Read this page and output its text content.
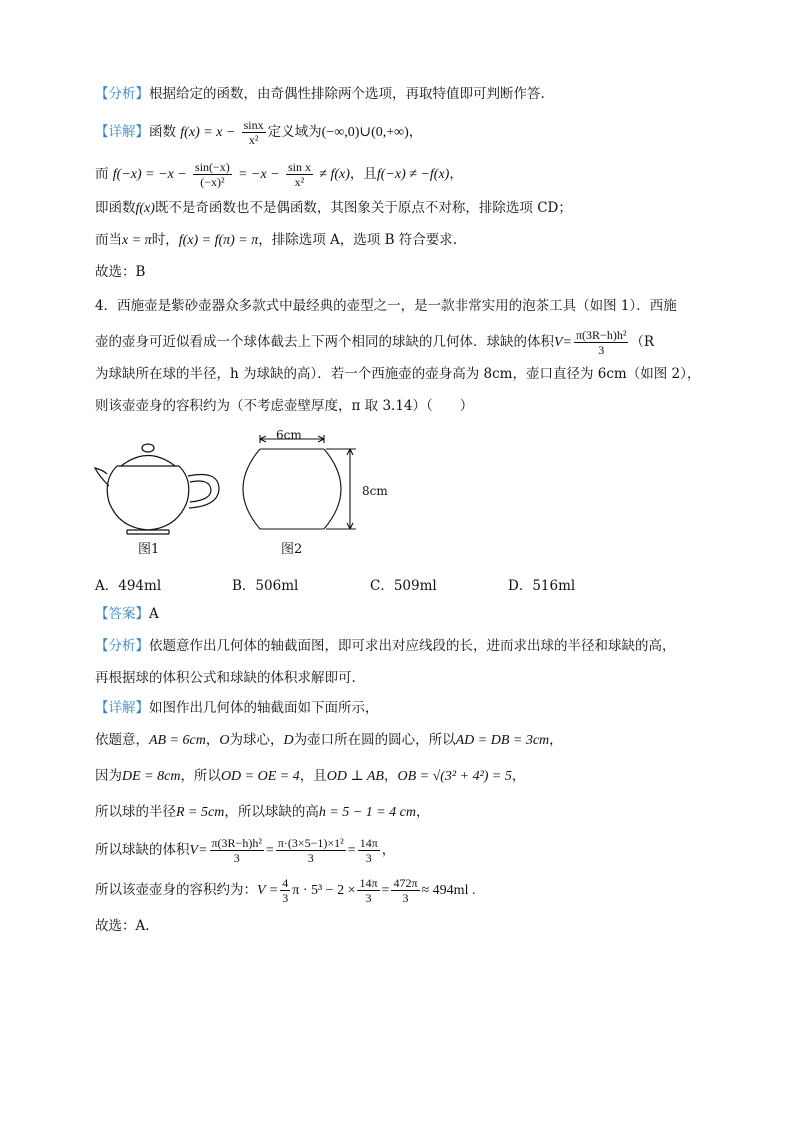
【分析】根据给定的函数，由奇偶性排除两个选项，再取特值即可判断作答.
【详解】函数 $f(x) = x - \frac{\sin x}{\text{x²}}$ 定义域为(−∞,0)∪(0,+∞)，
而 $f(-x) = -x - \frac{\sin(-x)}{\text{(−x)²}} = -x - \frac{\text{sin x}}{\text{x²}} \ne f(x)$，且f(−x) ≠ −f(x)，
即函数f(x)既不是奇函数也不是偶函数，其图象关于原点不对称，排除选项 CD；
而当x = π时，f(x) = f(π) = π，排除选项 A，选项 B 符合要求.
故选：B
4．西施壶是紫砂壶器众多款式中最经典的壶型之一，是一款非常实用的泡茶工具（如图 1）．西施
壶的壶身可近似看成一个球体截去上下两个相同的球缺的几何体．球缺的体积$V= \frac{\text{π(3R−h)h²}}{3} (R$
为球缺所在球的半径，h 为球缺的高）．若一个西施壶的壶身高为 8cm，壶口直径为 6cm（如图 2），
则该壶壶身的容积约为（不考虑壶壁厚度，π 取 3.14）（　　）
图1
6cm
8cm
图2
A．494ml	B．506ml	C．509ml	D．516ml
【答案】A
【分析】依题意作出几何体的轴截面图，即可求出对应线段的长，进而求出球的半径和球缺的高，
再根据球的体积公式和球缺的体积求解即可.
【详解】如图作出几何体的轴截面如下面所示，
依题意，AB = 6cm，O为球心，D为壶口所在圆的圆心，所以AD = DB = 3cm，
因为DE = 8cm，所以OD = OE = 4，且OD ⊥ AB，OB = √(3² + 4²) = 5，
所以球的半径R = 5cm，所以球缺的高h = 5 − 1 = 4 cm，
所以球缺的体积$V= \frac{\text{π(3R−h)h²}}{3} = \frac{\text{π·(3×5−1)×1²}}{3} = \frac{14\pi}{3}$ ，
所以该壶壶身的容积约为：$V = \frac{4}{3}$ $\pi \cdot 5^3 - 2 \times \frac{14\pi}{3} = \frac{472\pi}{3} \approx 494ml$ .
故选：A.
